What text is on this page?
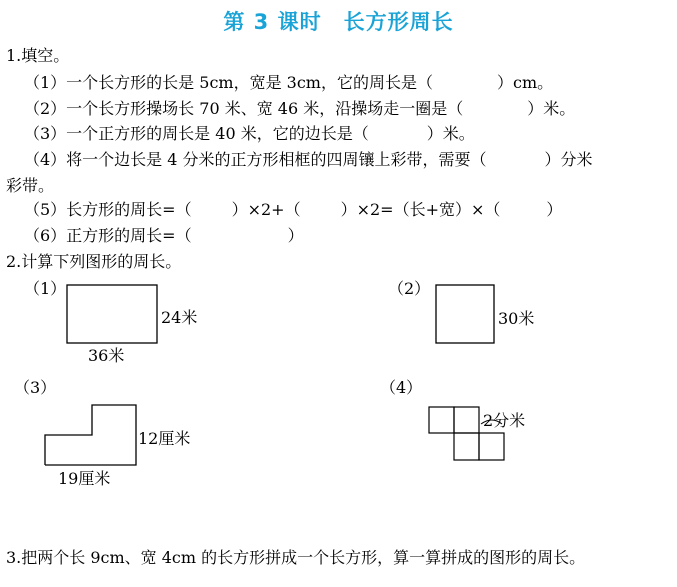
第 3 课时　长方形周长
1.填空。
（1）一个长方形的长是 5cm，宽是 3cm，它的周长是（	）cm。
（2）一个长方形操场长 70 米、宽 46 米，沿操场走一圈是（	）米。
（3）一个正方形的周长是 40 米，它的边长是（	）米。
（4）将一个边长是 4 分米的正方形相框的四周镶上彩带，需要（	）分米
彩带。
（5）长方形的周长=（	）×2+（	）×2=（长+宽）×（	）
（6）正方形的周长=（	）
2.计算下列图形的周长。
（1）
24米
36米
（2）
30米
（3）
12厘米
19厘米
（4）
2分米
3.把两个长 9cm、宽 4cm 的长方形拼成一个长方形，算一算拼成的图形的周长。
